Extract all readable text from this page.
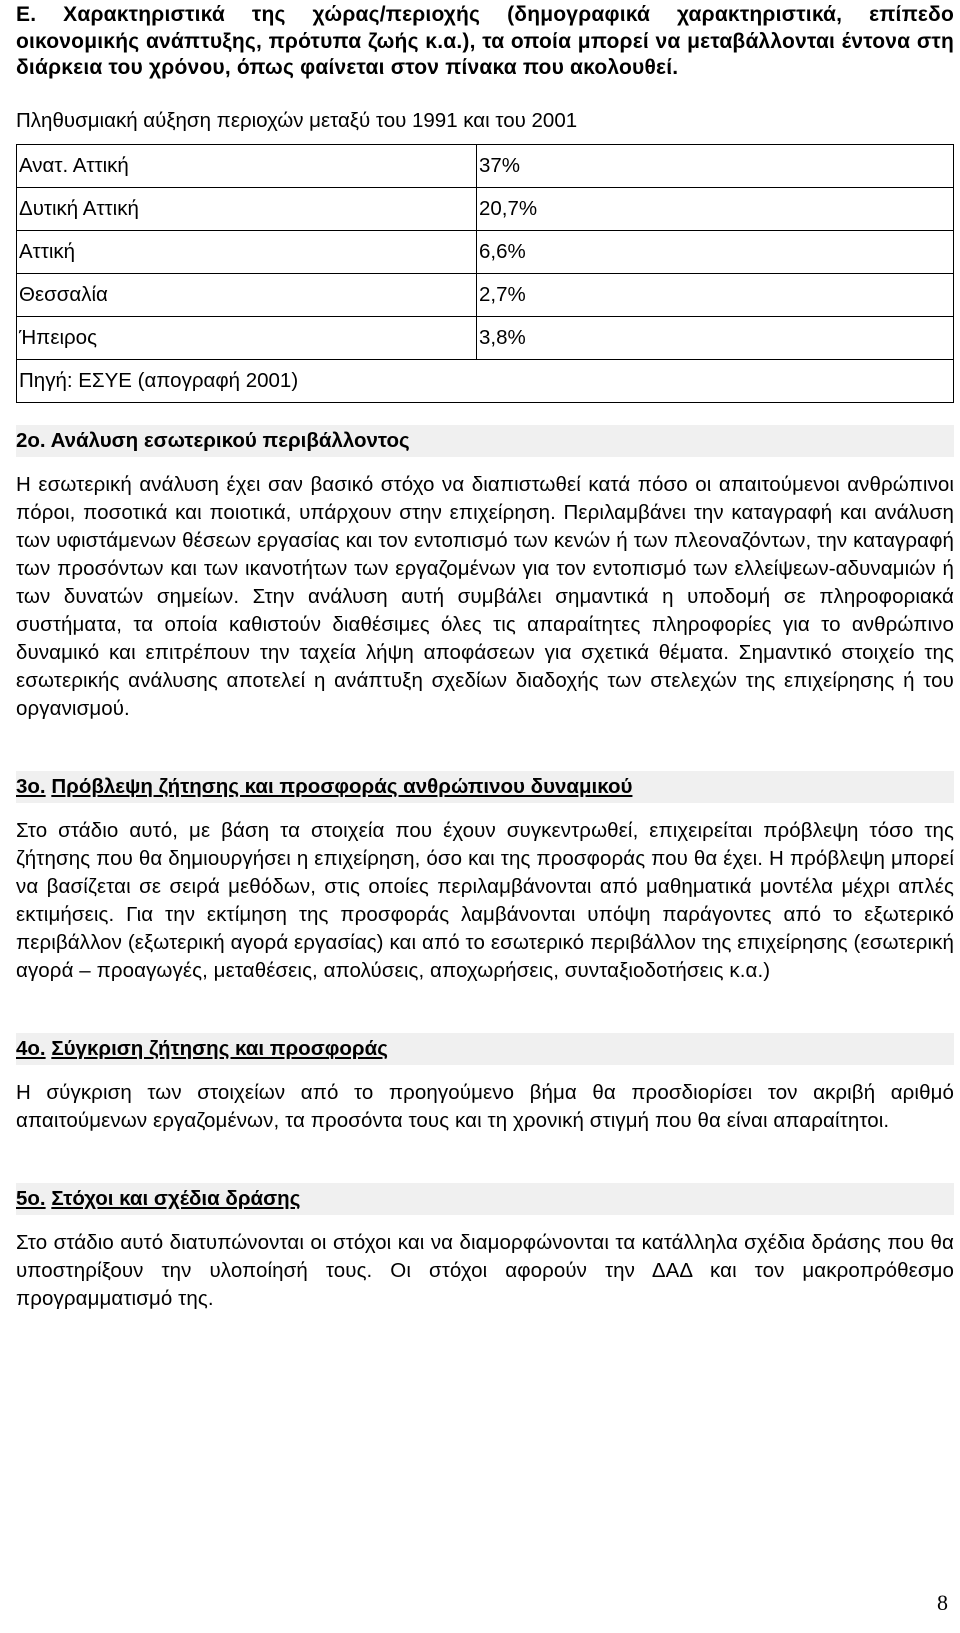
Ε. Χαρακτηριστικά της χώρας/περιοχής (δημογραφικά χαρακτηριστικά, επίπεδο οικονομικής ανάπτυξης, πρότυπα ζωής κ.α.), τα οποία μπορεί να μεταβάλλονται έντονα στη διάρκεια του χρόνου, όπως φαίνεται στον πίνακα που ακολουθεί.

Πληθυσμιακή αύξηση περιοχών μεταξύ του 1991 και του 2001

Ανατ. Αττική	37%
Δυτική Αττική	20,7%
Αττική	6,6%
Θεσσαλία	2,7%
Ήπειρος	3,8%
Πηγή: ΕΣΥΕ (απογραφή 2001)	
2ο. Ανάλυση εσωτερικού περιβάλλοντος

Η εσωτερική ανάλυση έχει σαν βασικό στόχο να διαπιστωθεί κατά πόσο οι απαιτούμενοι ανθρώπινοι πόροι, ποσοτικά και ποιοτικά, υπάρχουν στην επιχείρηση. Περιλαμβάνει την καταγραφή και ανάλυση των υφιστάμενων θέσεων εργασίας και τον εντοπισμό των κενών ή των πλεοναζόντων, την καταγραφή των προσόντων και των ικανοτήτων των εργαζομένων για τον εντοπισμό των ελλείψεων-αδυναμιών ή των δυνατών σημείων. Στην ανάλυση αυτή συμβάλει σημαντικά η υποδομή σε πληροφοριακά συστήματα, τα οποία καθιστούν διαθέσιμες όλες τις απαραίτητες πληροφορίες για το ανθρώπινο δυναμικό και επιτρέπουν την ταχεία λήψη αποφάσεων για σχετικά θέματα. Σημαντικό στοιχείο της εσωτερικής ανάλυσης αποτελεί η ανάπτυξη σχεδίων διαδοχής των στελεχών της επιχείρησης ή του οργανισμού.

3ο. Πρόβλεψη ζήτησης και προσφοράς ανθρώπινου δυναμικού

Στο στάδιο αυτό, με βάση τα στοιχεία που έχουν συγκεντρωθεί, επιχειρείται πρόβλεψη τόσο της ζήτησης που θα δημιουργήσει η επιχείρηση, όσο και της προσφοράς που θα έχει. Η πρόβλεψη μπορεί να βασίζεται σε σειρά μεθόδων, στις οποίες περιλαμβάνονται από μαθηματικά μοντέλα μέχρι απλές εκτιμήσεις. Για την εκτίμηση της προσφοράς λαμβάνονται υπόψη παράγοντες από το εξωτερικό περιβάλλον (εξωτερική αγορά εργασίας) και από το εσωτερικό περιβάλλον της επιχείρησης (εσωτερική αγορά – προαγωγές, μεταθέσεις, απολύσεις, αποχωρήσεις, συνταξιοδοτήσεις κ.α.)

4ο. Σύγκριση ζήτησης και προσφοράς

Η σύγκριση των στοιχείων από το προηγούμενο βήμα θα προσδιορίσει τον ακριβή αριθμό απαιτούμενων εργαζομένων, τα προσόντα τους και τη χρονική στιγμή που θα είναι απαραίτητοι.

5ο. Στόχοι και σχέδια δράσης

Στο στάδιο αυτό διατυπώνονται οι στόχοι και να διαμορφώνονται τα κατάλληλα σχέδια δράσης που θα υποστηρίξουν την υλοποίησή τους. Οι στόχοι αφορούν την ΔΑΔ και τον μακροπρόθεσμο προγραμματισμό της.

8
